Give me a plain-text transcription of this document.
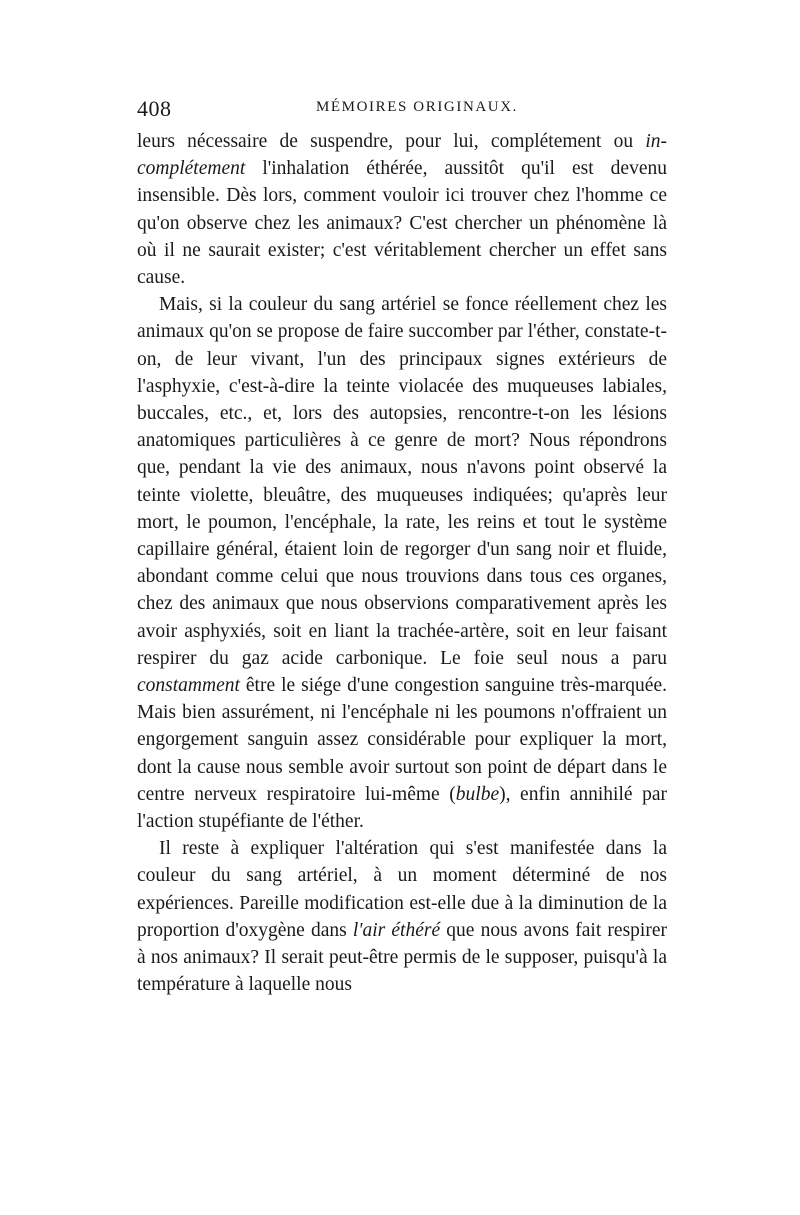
408	MÉMOIRES ORIGINAUX.

leurs nécessaire de suspendre, pour lui, complétement ou in-complétement l'inhalation éthérée, aussitôt qu'il est devenu insensible. Dès lors, comment vouloir ici trouver chez l'homme ce qu'on observe chez les animaux? C'est chercher un phénomène là où il ne saurait exister; c'est véritablement chercher un effet sans cause.

Mais, si la couleur du sang artériel se fonce réellement chez les animaux qu'on se propose de faire succomber par l'éther, constate-t-on, de leur vivant, l'un des principaux signes extérieurs de l'asphyxie, c'est-à-dire la teinte violacée des muqueuses labiales, buccales, etc., et, lors des autopsies, rencontre-t-on les lésions anatomiques particulières à ce genre de mort? Nous répondrons que, pendant la vie des animaux, nous n'avons point observé la teinte violette, bleuâtre, des muqueuses indiquées; qu'après leur mort, le poumon, l'encéphale, la rate, les reins et tout le système capillaire général, étaient loin de regorger d'un sang noir et fluide, abondant comme celui que nous trouvions dans tous ces organes, chez des animaux que nous observions comparativement après les avoir asphyxiés, soit en liant la trachée-artère, soit en leur faisant respirer du gaz acide carbonique. Le foie seul nous a paru constamment être le siége d'une congestion sanguine très-marquée. Mais bien assurément, ni l'encéphale ni les poumons n'offraient un engorgement sanguin assez considérable pour expliquer la mort, dont la cause nous semble avoir surtout son point de départ dans le centre nerveux respiratoire lui-même (bulbe), enfin annihilé par l'action stupéfiante de l'éther.

Il reste à expliquer l'altération qui s'est manifestée dans la couleur du sang artériel, à un moment déterminé de nos expériences. Pareille modification est-elle due à la diminution de la proportion d'oxygène dans l'air éthéré que nous avons fait respirer à nos animaux? Il serait peut-être permis de le supposer, puisqu'à la température à laquelle nous
